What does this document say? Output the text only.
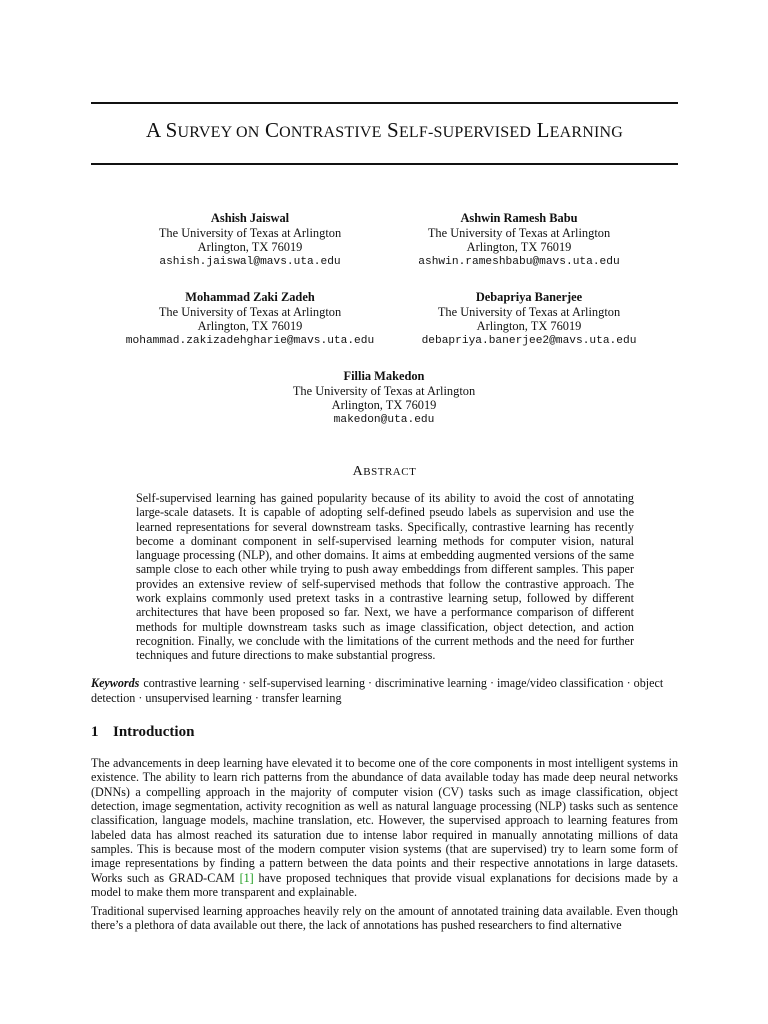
A SURVEY ON CONTRASTIVE SELF-SUPERVISED LEARNING
Ashish Jaiswal
The University of Texas at Arlington
Arlington, TX 76019
ashish.jaiswal@mavs.uta.edu
Ashwin Ramesh Babu
The University of Texas at Arlington
Arlington, TX 76019
ashwin.rameshbabu@mavs.uta.edu
Mohammad Zaki Zadeh
The University of Texas at Arlington
Arlington, TX 76019
mohammad.zakizadehgharie@mavs.uta.edu
Debapriya Banerjee
The University of Texas at Arlington
Arlington, TX 76019
debapriya.banerjee2@mavs.uta.edu
Fillia Makedon
The University of Texas at Arlington
Arlington, TX 76019
makedon@uta.edu
ABSTRACT
Self-supervised learning has gained popularity because of its ability to avoid the cost of annotating large-scale datasets. It is capable of adopting self-defined pseudo labels as supervision and use the learned representations for several downstream tasks. Specifically, contrastive learning has recently become a dominant component in self-supervised learning methods for computer vision, natural language processing (NLP), and other domains. It aims at embedding augmented versions of the same sample close to each other while trying to push away embeddings from different samples. This paper provides an extensive review of self-supervised methods that follow the contrastive approach. The work explains commonly used pretext tasks in a contrastive learning setup, followed by different architectures that have been proposed so far. Next, we have a performance comparison of different methods for multiple downstream tasks such as image classification, object detection, and action recognition. Finally, we conclude with the limitations of the current methods and the need for further techniques and future directions to make substantial progress.
Keywords contrastive learning · self-supervised learning · discriminative learning · image/video classification · object detection · unsupervised learning · transfer learning
1 Introduction
The advancements in deep learning have elevated it to become one of the core components in most intelligent systems in existence. The ability to learn rich patterns from the abundance of data available today has made deep neural networks (DNNs) a compelling approach in the majority of computer vision (CV) tasks such as image classification, object detection, image segmentation, activity recognition as well as natural language processing (NLP) tasks such as sentence classification, language models, machine translation, etc. However, the supervised approach to learning features from labeled data has almost reached its saturation due to intense labor required in manually annotating millions of data samples. This is because most of the modern computer vision systems (that are supervised) try to learn some form of image representations by finding a pattern between the data points and their respective annotations in large datasets. Works such as GRAD-CAM [1] have proposed techniques that provide visual explanations for decisions made by a model to make them more transparent and explainable.
Traditional supervised learning approaches heavily rely on the amount of annotated training data available. Even though there’s a plethora of data available out there, the lack of annotations has pushed researchers to find alternative
